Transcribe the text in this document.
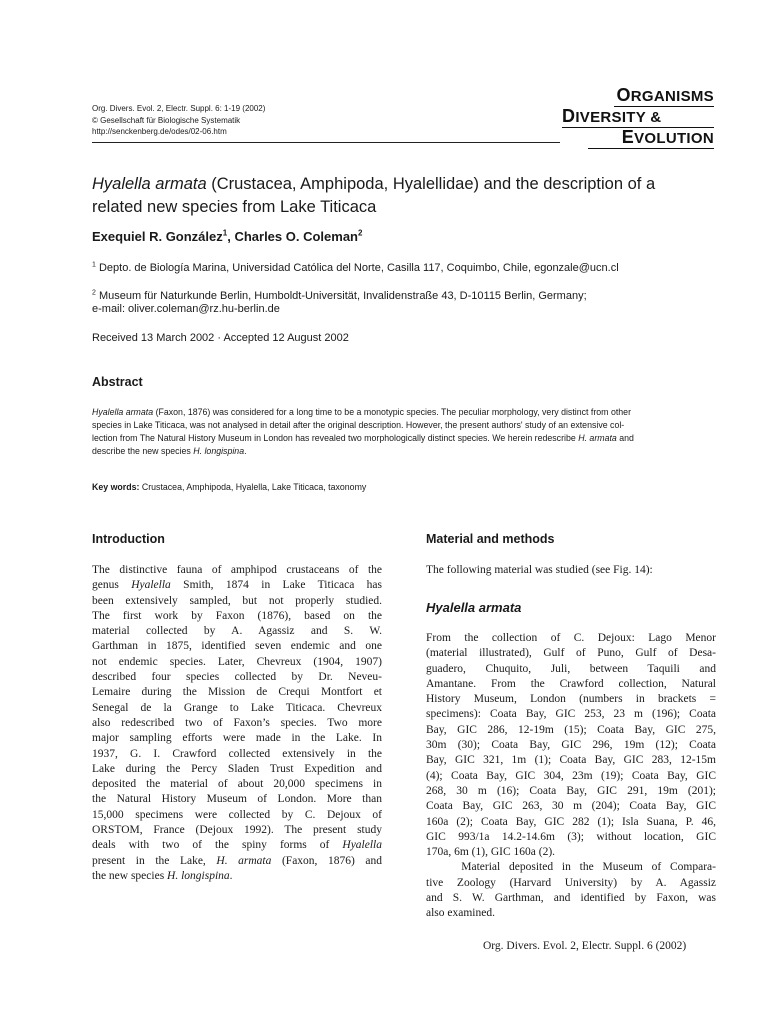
Org. Divers. Evol. 2, Electr. Suppl. 6: 1-19 (2002)
© Gesellschaft für Biologische Systematik
http://senckenberg.de/odes/02-06.htm
ORGANISMS
DIVERSITY &
EVOLUTION
Hyalella armata (Crustacea, Amphipoda, Hyalellidae) and the description of a
related new species from Lake Titicaca
Exequiel R. González$^1$, Charles O. Coleman$^2$
$^1$ Depto. de Biología Marina, Universidad Católica del Norte, Casilla 117, Coquimbo, Chile, egonzale@ucn.cl
$^2$ Museum für Naturkunde Berlin, Humboldt-Universität, Invalidenstraße 43, D-10115 Berlin, Germany;
e-mail: oliver.coleman@rz.hu-berlin.de
Received 13 March 2002 · Accepted 12 August 2002
Abstract
Hyalella armata (Faxon, 1876) was considered for a long time to be a monotypic species. The peculiar morphology, very distinct from other
species in Lake Titicaca, was not analysed in detail after the original description. However, the present authors' study of an extensive col-
lection from The Natural History Museum in London has revealed two morphologically distinct species. We herein redescribe H. armata and
describe the new species H. longispina.
Key words: Crustacea, Amphipoda, Hyalella, Lake Titicaca, taxonomy
Introduction
The distinctive fauna of amphipod crustaceans of the
genus Hyalella Smith, 1874 in Lake Titicaca has
been extensively sampled, but not properly studied.
The first work by Faxon (1876), based on the
material collected by A. Agassiz and S. W.
Garthman in 1875, identified seven endemic and one
not endemic species. Later, Chevreux (1904, 1907)
described four species collected by Dr. Neveu-
Lemaire during the Mission de Crequi Montfort et
Senegal de la Grange to Lake Titicaca. Chevreux
also redescribed two of Faxon’s species. Two more
major sampling efforts were made in the Lake. In
1937, G. I. Crawford collected extensively in the
Lake during the Percy Sladen Trust Expedition and
deposited the material of about 20,000 specimens in
the Natural History Museum of London. More than
15,000 specimens were collected by C. Dejoux of
ORSTOM, France (Dejoux 1992). The present study
deals with two of the spiny forms of Hyalella
present in the Lake, H. armata (Faxon, 1876) and
the new species H. longispina.
Material and methods
The following material was studied (see Fig. 14):
Hyalella armata
From the collection of C. Dejoux: Lago Menor
(material illustrated), Gulf of Puno, Gulf of Desa-
guadero, Chuquito, Juli, between Taquili and
Amantane. From the Crawford collection, Natural
History Museum, London (numbers in brackets =
specimens): Coata Bay, GIC 253, 23 m (196); Coata
Bay, GIC 286, 12-19m (15); Coata Bay, GIC 275,
30m (30); Coata Bay, GIC 296, 19m (12); Coata
Bay, GIC 321, 1m (1); Coata Bay, GIC 283, 12-15m
(4); Coata Bay, GIC 304, 23m (19); Coata Bay, GIC
268, 30 m (16); Coata Bay, GIC 291, 19m (201);
Coata Bay, GIC 263, 30 m (204); Coata Bay, GIC
160a (2); Coata Bay, GIC 282 (1); Isla Suana, P. 46,
GIC 993/1a 14.2-14.6m (3); without location, GIC
170a, 6m (1), GIC 160a (2).
Material deposited in the Museum of Compara-
tive Zoology (Harvard University) by A. Agassiz
and S. W. Garthman, and identified by Faxon, was
also examined.
Org. Divers. Evol. 2, Electr. Suppl. 6 (2002)
